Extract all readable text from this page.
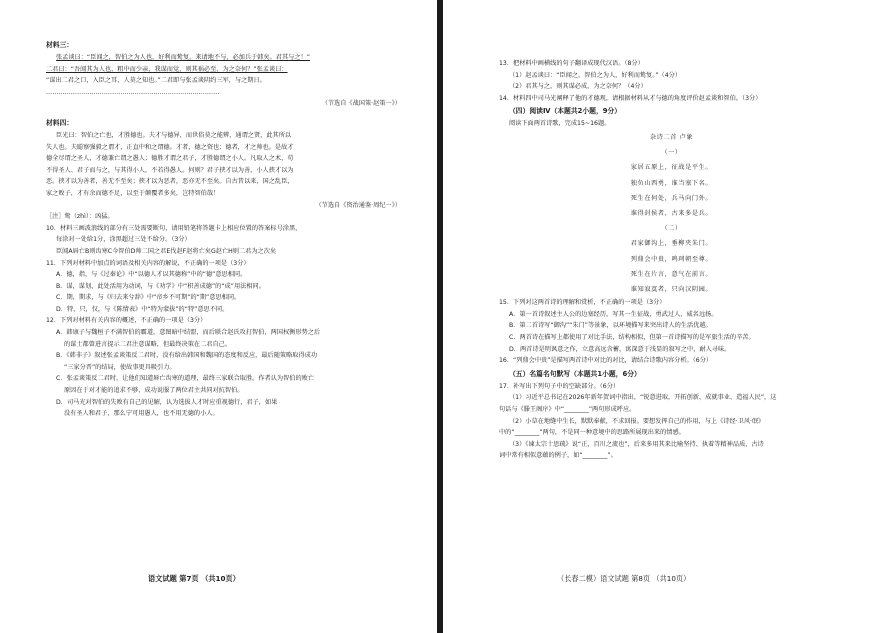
材料三：
张孟谈曰：“臣闻之，智伯之为人也，好利而鸷复。来请地不与，必加兵于韩矣。君其与之！”
二君曰：“吾闻其为人也，粗中而少亲，我谋而觉，则其祸必至，为之奈何？”张孟谈曰：
“谋出二君之口，入臣之耳，人莫之知也。”二君即与张孟谈阴约三军，与之期日。
…………………………………………………………………………
（节选自《战国策·赵策一》）
材料四：
臣光曰：智伯之亡也，才胜德也。夫才与德异，而世俗莫之能辨，通谓之贤，此其所以
失人也。夫聪察强毅之谓才，正直中和之谓德。才者，德之资也；德者，才之帅也。是故才
德全尽谓之圣人，才德兼亡谓之愚人；德胜才谓之君子，才胜德谓之小人。凡取人之术，苟
不得圣人、君子而与之，与其得小人，不若得愚人。何则？君子挟才以为善，小人挟才以为
恶。挟才以为善者，善无不至矣；挟才以为恶者，恶亦无不至矣。自古昔以来，国之乱臣，
家之败子，才有余而德不足，以至于颠覆者多矣，岂特智伯哉！
（节选自《资治通鉴·周纪一》）
［注］鸷（zhì）：凶猛。
10．材料三画波浪线的部分有三处需要断句，请用铅笔将答题卡上相应位置的答案标号涂黑，
每涂对一处给1分，涂黑超过三处不给分。（3分）
臣闻A唇亡B则齿寒C今智伯D帅二国之君E伐赵F赵将亡矣G赵亡H则二君为之次矣
11．下列对材料中加点的词语及相关内容的解说，不正确的一项是（3分）
A．德，指，与《过秦论》中“以德人才以其德称”中的“德”意思相同。
B．谋，谋划，此处活用为动词，与《劝学》中“积善成德”的“成”用法相同。
C．期，期求，与《归去来兮辞》中“帝乡不可期”的“期”意思相同。
D．特，只，仅，与《陈情表》中“特为蒙拔”的“特”意思不同。
12．下列对材料有关内容的概述，不正确的一项是（3分）
A．韩康子与魏桓子不满智伯的霸道，意图暗中结盟，而后联合赵氏攻打智伯，两国权衡形势之后
的谋士都曾进言提示二君注意谋略，但最终决策在二君自己。
B．《韩非子》叙述张孟谈策反二君时，没有给出韩国和魏国的态度和反应，最后随策略取得成功
“三家分晋”的结局，使故事更具吸引力。
C．张孟谈策反二君时，让他们知道唇亡齿寒的道理，最终三家联合取胜。作者认为智伯的败亡
原因在于对才能的追求不够，成功说服了两位君主共同对抗智伯。
D．司马光对智伯的失败有自己的见解，认为选拔人才时应重视德行，君子，如果
没有圣人和君子，那么宁可用愚人，也不用无德的小人。
语文试题 第7页 （共10页）
13．把材料中画横线的句子翻译成现代汉语。（8分）
（1）赵孟谈曰：“臣闻之，智伯之为人，好利而鸷复。”（4分）
（2）君其与之，则其谋必成，为之奈何？（4分）
14．材料四中司马光阐释了他的才德观，请根据材料从才与德的角度评价赵孟谈和智伯。（3分）
（四）阅读Ⅳ（本题共2小题，9分）
阅读下面两首诗歌，完成15~16题。
杂诗二首 卢象
（一）
家居五原上，征战是平生。
独负山西勇，谁当塞下名。
死生在何处，兵马向门外。
谁得封侯者，古来多是兵。
（二）
君家御沟上，垂柳夹朱门。
列鼎会中贵，鸣珂朝至尊。
死生在片言，意气在前言。
谁知寂寞者，只向汉阴园。
15．下列对这两首诗的理解和赏析，不正确的一项是（3分）
A．第一首诗叙述主人公的边塞经历，写其一生征战，勇武过人，威名远扬。
B．第二首诗写“御沟”“朱门”等景象，以环境描写来突出诗人的生活优越。
C．两首诗在描写上都使用了对比手法，结构相似，但第一首诗描写的是军旅生活的辛苦。
D．两首诗是明讽意之作，立意高远含蓄，寓深意于浅显的叙写之中，耐人寻味。
16．“列鼎会中贵”是描写两首诗中对比的对比，请结合诗歌内容分析。（6分）
（五）名篇名句默写（本题共1小题，6分）
17．补写出下列句子中的空缺部分。（6分）
（1）习近平总书记在2026年新年贺词中指出，“锐意进取，开拓创新，成就事业、造福人民”，这
句话与《滕王阁序》中“________”两句形成呼应。
（2）小草在地缝中生长，默默奉献，不求回报。要想发挥自己的作用，与上《诗经·卫风·氓》
中的“________”两句，不是同一种意境中的思路所展现出来的情感。
（3）《谏太宗十思疏》说“正，百川之流也”，后来多用其来比喻坚持、执着等精神品质，古诗
词中常有相似意蕴的例子，如“________”。
（长春二模）语文试题 第8页 （共10页）
